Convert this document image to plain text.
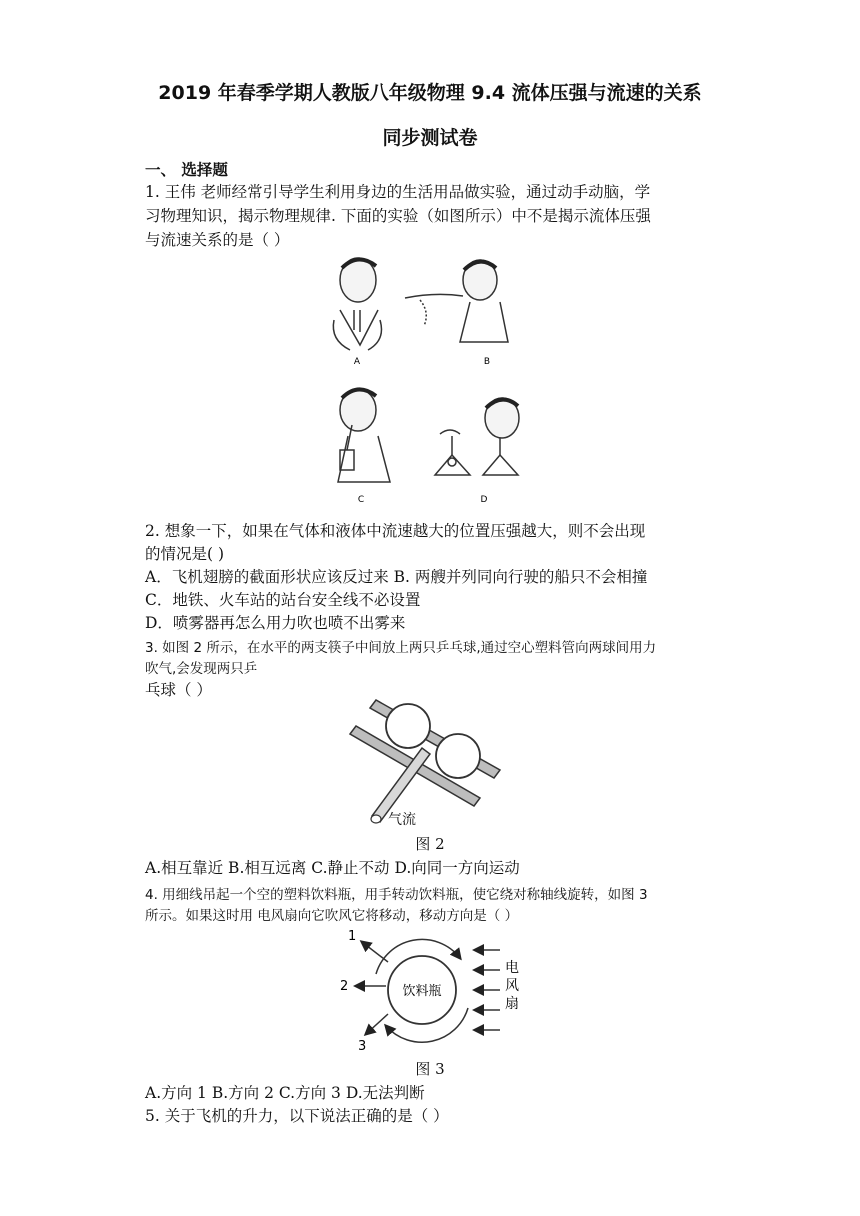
2019 年春季学期人教版八年级物理 9.4 流体压强与流速的关系
同步测试卷
一、 选择题
1. 王伟 老师经常引导学生利用身边的生活用品做实验，通过动手动脑，学
习物理知识，揭示物理规律. 下面的实验（如图所示）中不是揭示流体压强
与流速关系的是（ ）
A	B
C	D
2. 想象一下，如果在气体和液体中流速越大的位置压强越大，则不会出现
的情况是( )
A．飞机翅膀的截面形状应该反过来 B. 两艘并列同向行驶的船只不会相撞
C．地铁、火车站的站台安全线不必设置
D．喷雾器再怎么用力吹也喷不出雾来
3. 如图 2 所示，在水平的两支筷子中间放上两只乒乓球,通过空心塑料管向两球间用力
吹气,会发现两只乒
乓球（ ）
气流
图 2
A.相互靠近 B.相互远离 C.静止不动 D.向同一方向运动
4. 用细线吊起一个空的塑料饮料瓶，用手转动饮料瓶，使它绕对称轴线旋转，如图 3
所示。如果这时用 电风扇向它吹风它将移动，移动方向是（ ）
饮料瓶
电
风
扇
1
2
3
图 3
A.方向 1 B.方向 2 C.方向 3 D.无法判断
5. 关于飞机的升力，以下说法正确的是（ ）
